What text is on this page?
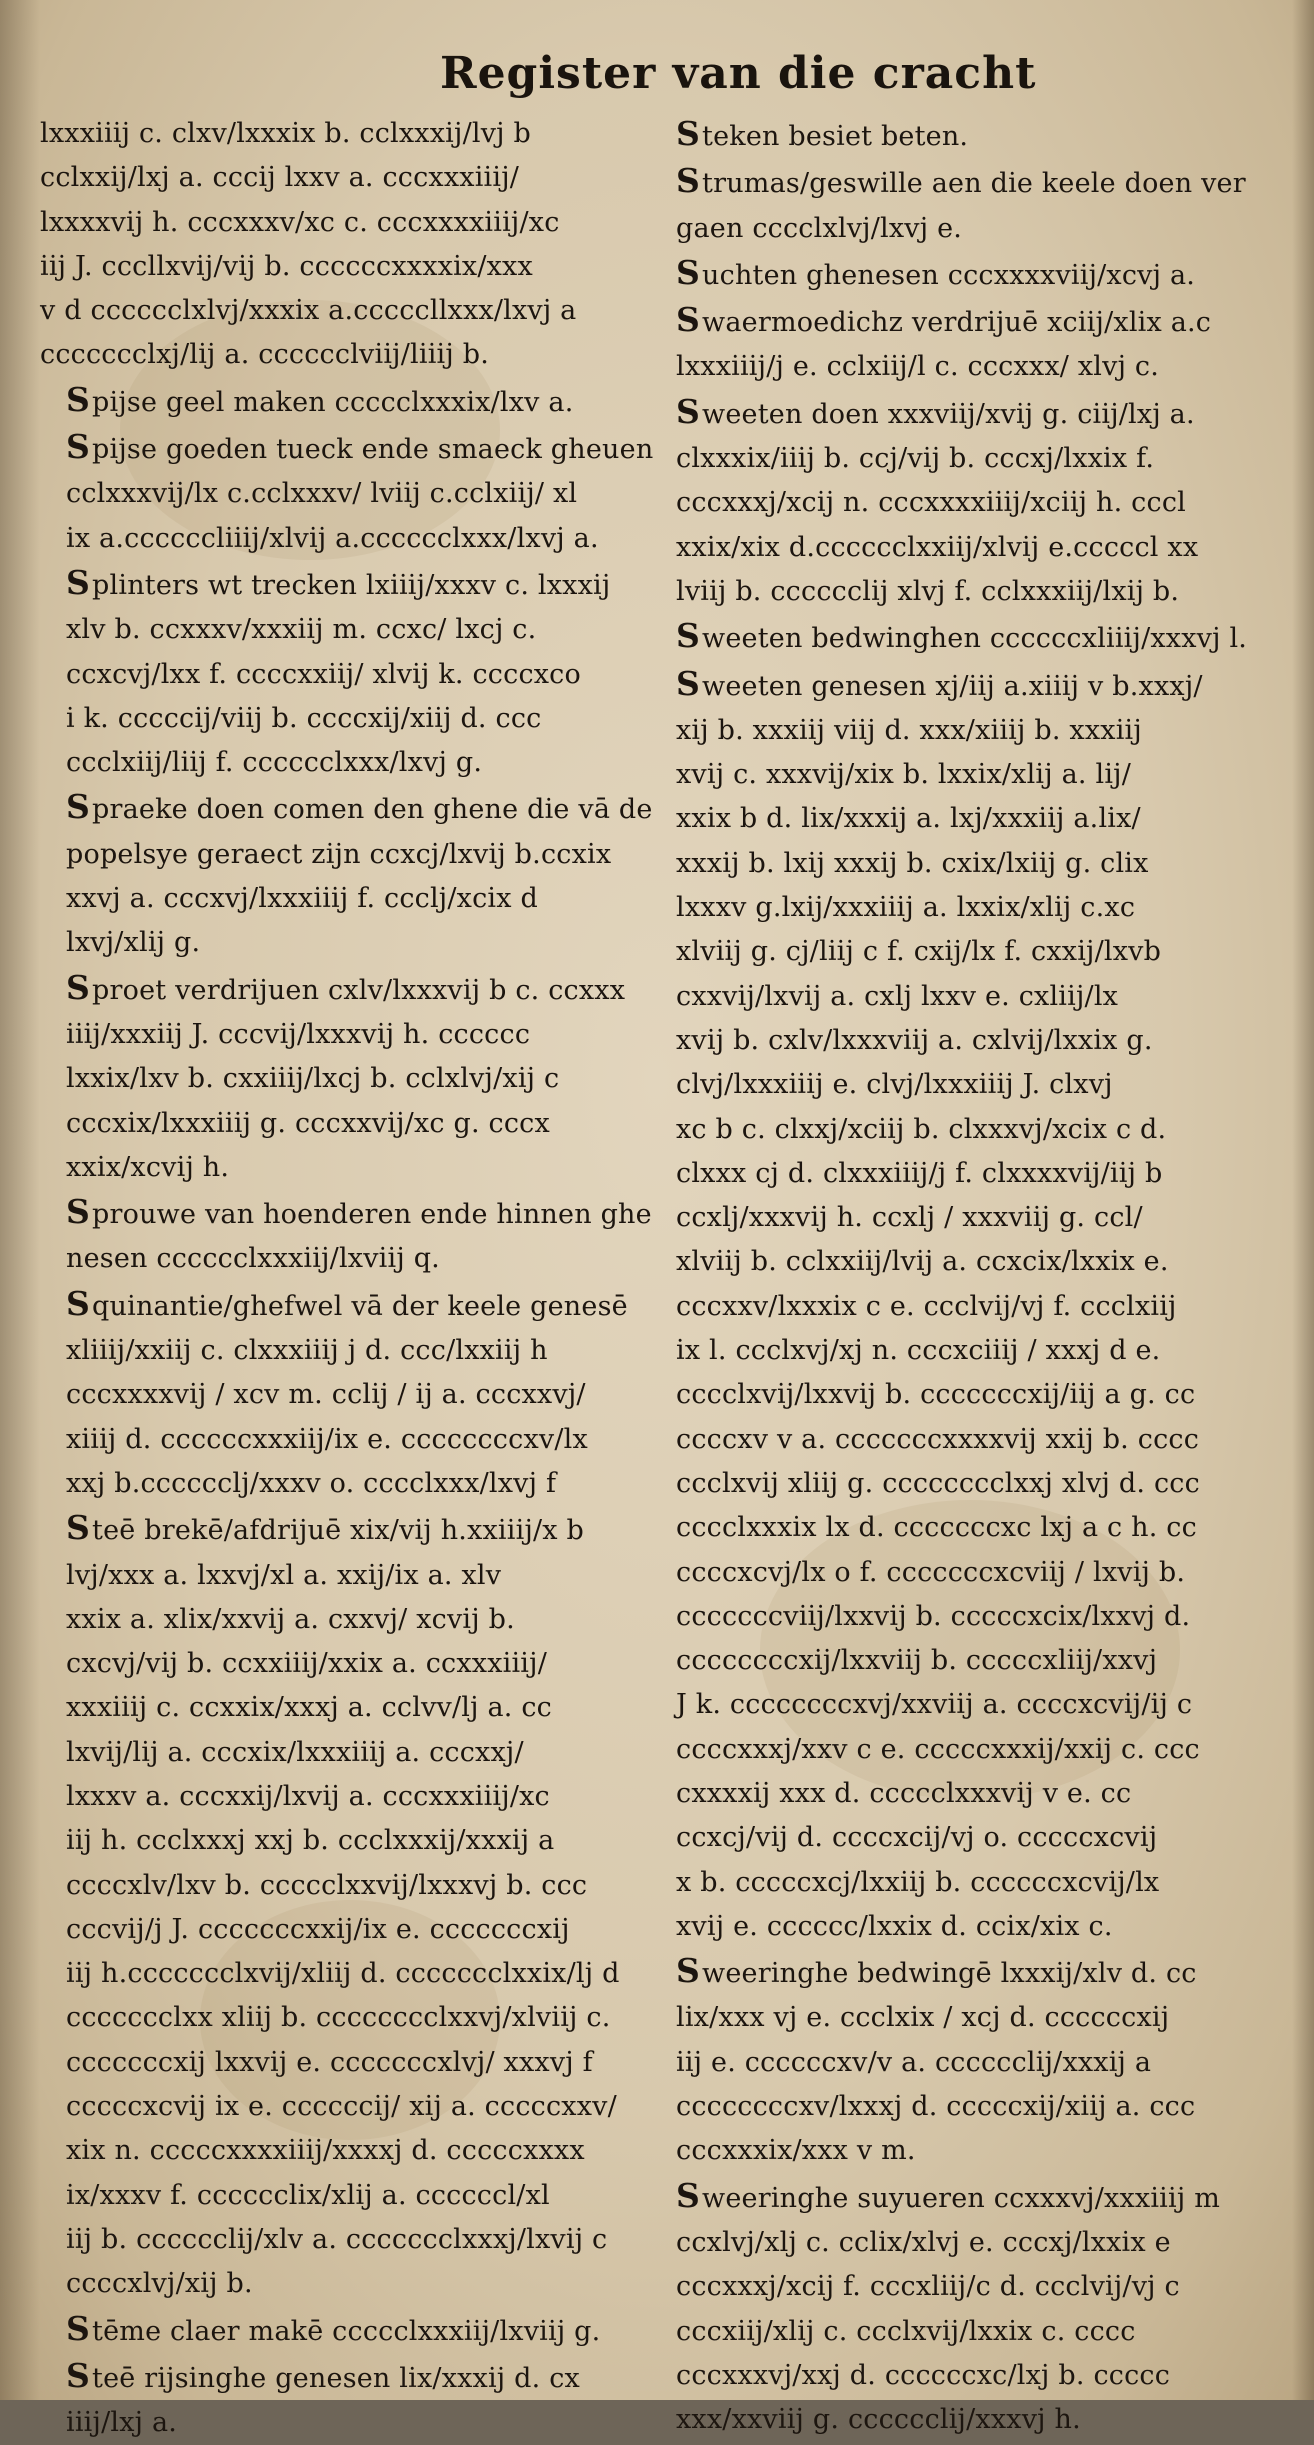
Register van die cracht
lxxxiiij c. clxv/lxxxix b. cclxxxij/lvj b
cclxxij/lxj a. cccij lxxv a. cccxxxiiij/
lxxxxvij h. cccxxxv/xc c. cccxxxxiiij/xc
iij J. cccllxvij/vij b. ccccccxxxxix/xxx
v d cccccclxlvj/xxxix a.cccccllxxx/lxvj a
ccccccclxj/lij a. cccccclviij/liiij b.
Spijse geel maken ccccclxxxix/lxv a.
Spijse goeden tueck ende smaeck gheuen
cclxxxvij/lx c.cclxxxv/ lviij c.cclxiij/ xl
ix a.ccccccliiij/xlvij a.cccccclxxx/lxvj a.
Splinters wt trecken lxiiij/xxxv c. lxxxij
xlv b. ccxxxv/xxxiij m. ccxc/ lxcj c.
ccxcvj/lxx f. ccccxxiij/ xlvij k. ccccxco
i k. cccccij/viij b. ccccxij/xiij d. ccc
ccclxiij/liij f. cccccclxxx/lxvj g.
Spraeke doen comen den ghene die vā de
popelsye geraect zijn ccxcj/lxvij b.ccxix
xxvj a. cccxvj/lxxxiiij f. ccclj/xcix d
lxvj/xlij g.
Sproet verdrijuen cxlv/lxxxvij b c. ccxxx
iiij/xxxiij J. cccvij/lxxxvij h. cccccc
lxxix/lxv b. cxxiiij/lxcj b. cclxlvj/xij c
cccxix/lxxxiiij g. cccxxvij/xc g. cccx
xxix/xcvij h.
Sprouwe van hoenderen ende hinnen ghe
nesen cccccclxxxiij/lxviij q.
Squinantie/ghefwel vā der keele genesē
xliiij/xxiij c. clxxxiiij j d. ccc/lxxiij h
cccxxxxvij / xcv m. cclij / ij a. cccxxvj/
xiiij d. ccccccxxxiij/ix e. ccccccccxv/lx
xxj b.cccccclj/xxxv o. cccclxxx/lxvj f
Steē brekē/afdrijuē xix/vij h.xxiiij/x b
lvj/xxx a. lxxvj/xl a. xxij/ix a. xlv
xxix a. xlix/xxvij a. cxxvj/ xcvij b.
cxcvj/vij b. ccxxiiij/xxix a. ccxxxiiij/
xxxiiij c. ccxxix/xxxj a. cclvv/lj a. cc
lxvij/lij a. cccxix/lxxxiiij a. cccxxj/
lxxxv a. cccxxij/lxvij a. cccxxxiiij/xc
iij h. ccclxxxj xxj b. ccclxxxij/xxxij a
ccccxlv/lxv b. ccccclxxvij/lxxxvj b. ccc
cccvij/j J. cccccccxxij/ix e. cccccccxij
iij h.ccccccclxvij/xliij d. ccccccclxxix/lj d
ccccccclxx xliij b. cccccccclxxvj/xlviij c.
cccccccxij lxxvij e. cccccccxlvj/ xxxvj f
cccccxcvij ix e. ccccccij/ xij a. cccccxxv/
xix n. cccccxxxxiiij/xxxxj d. cccccxxxx
ix/xxxv f. cccccclix/xlij a. ccccccl/xl
iij b. cccccclij/xlv a. ccccccclxxxj/lxvij c
ccccxlvj/xij b.
Stēme claer makē ccccclxxxiij/lxviij g.
Steē rijsinghe genesen lix/xxxij d. cx
iiij/lxj a.
Steken besiet beten.
Strumas/geswille aen die keele doen ver
gaen cccclxlvj/lxvj e.
Suchten ghenesen cccxxxxviij/xcvj a.
Swaermoedichz verdrijuē xciij/xlix a.c
lxxxiiij/j e. cclxiij/l c. cccxxx/ xlvj c.
Sweeten doen xxxviij/xvij g. ciij/lxj a.
clxxxix/iiij b. ccj/vij b. cccxj/lxxix f.
cccxxxj/xcij n. cccxxxxiiij/xciij h. cccl
xxix/xix d.cccccclxxiij/xlvij e.cccccl xx
lviij b. cccccclij xlvj f. cclxxxiij/lxij b.
Sweeten bedwinghen ccccccxliiij/xxxvj l.
Sweeten genesen xj/iij a.xiiij v b.xxxj/
xij b. xxxiij viij d. xxx/xiiij b. xxxiij
xvij c. xxxvij/xix b. lxxix/xlij a. lij/
xxix b d. lix/xxxij a. lxj/xxxiij a.lix/
xxxij b. lxij xxxij b. cxix/lxiij g. clix
lxxxv g.lxij/xxxiiij a. lxxix/xlij c.xc
xlviij g. cj/liij c f. cxij/lx f. cxxij/lxvb
cxxvij/lxvij a. cxlj lxxv e. cxliij/lx
xvij b. cxlv/lxxxviij a. cxlvij/lxxix g.
clvj/lxxxiiij e. clvj/lxxxiiij J. clxvj
xc b c. clxxj/xciij b. clxxxvj/xcix c d.
clxxx cj d. clxxxiiij/j f. clxxxxvij/iij b
ccxlj/xxxvij h. ccxlj / xxxviij g. ccl/
xlviij b. cclxxiij/lvij a. ccxcix/lxxix e.
cccxxv/lxxxix c e. ccclvij/vj f. ccclxiij
ix l. ccclxvj/xj n. cccxciiij / xxxj d e.
cccclxvij/lxxvij b. cccccccxij/iij a g. cc
ccccxv v a. cccccccxxxxvij xxij b. cccc
ccclxvij xliij g. cccccccclxxj xlvj d. ccc
cccclxxxix lx d. cccccccxc lxj a c h. cc
ccccxcvj/lx o f. cccccccxcviij / lxvij b.
cccccccviij/lxxvij b. cccccxcix/lxxvj d.
ccccccccxij/lxxviij b. cccccxliij/xxvj
J k. ccccccccxvj/xxviij a. ccccxcvij/ij c
ccccxxxj/xxv c e. cccccxxxij/xxij c. ccc
cxxxxij xxx d. ccccclxxxvij v e. cc
ccxcj/vij d. ccccxcij/vj o. cccccxcvij
x b. cccccxcj/lxxiij b. ccccccxcvij/lx
xvij e. cccccc/lxxix d. ccix/xix c.
Sweeringhe bedwingē lxxxij/xlv d. cc
lix/xxx vj e. ccclxix / xcj d. ccccccxij
iij e. ccccccxv/v a. cccccclij/xxxij a
ccccccccxv/lxxxj d. cccccxij/xiij a. ccc
cccxxxix/xxx v m.
Sweeringhe suyueren ccxxxvj/xxxiiij m
ccxlvj/xlj c. cclix/xlvj e. cccxj/lxxix e
cccxxxj/xcij f. cccxliij/c d. ccclvij/vj c
cccxiij/xlij c. ccclxvij/lxxix c. cccc
cccxxxvj/xxj d. ccccccxc/lxj b. ccccc
xxx/xxviij g. cccccclij/xxxvj h.
